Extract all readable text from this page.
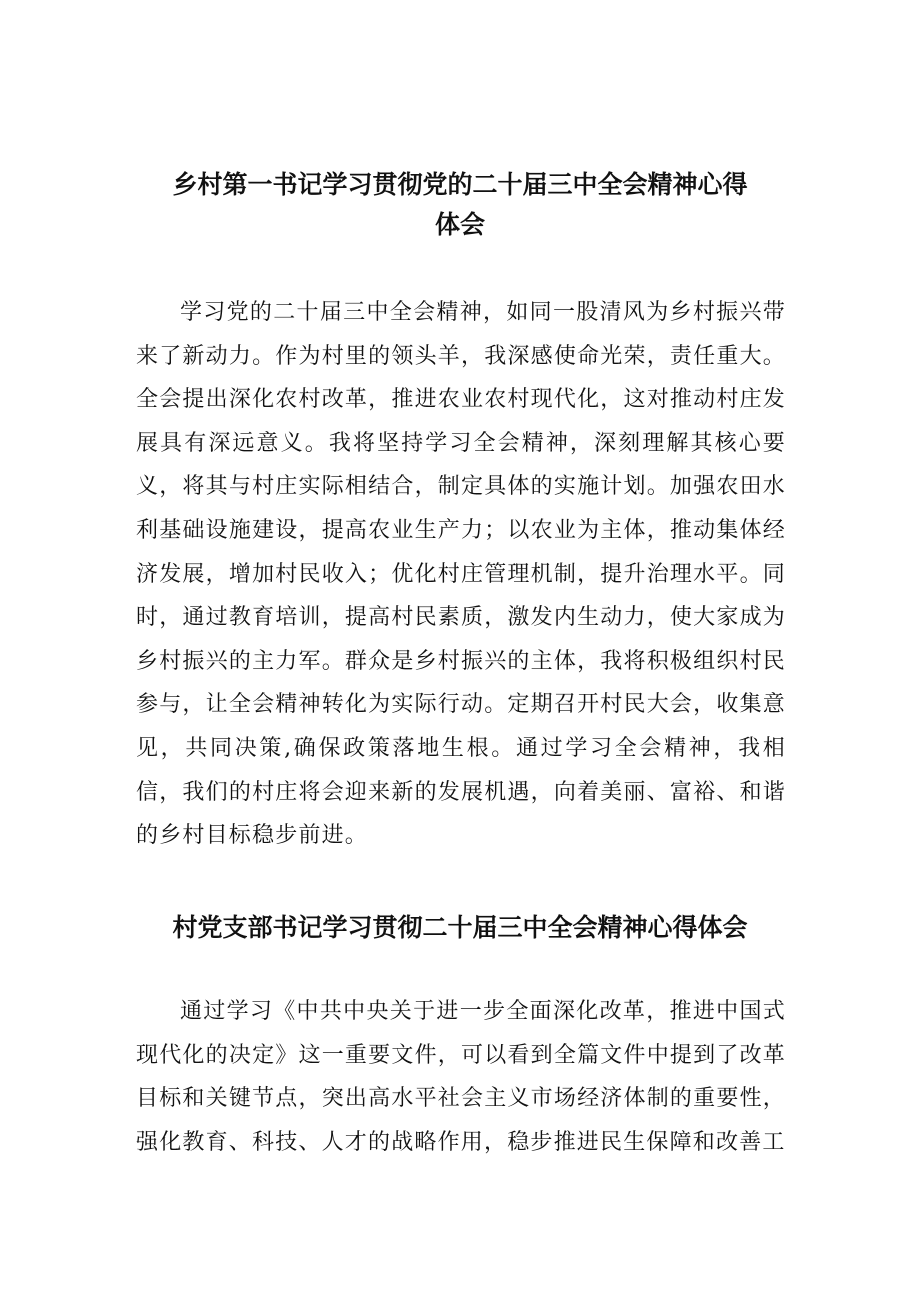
乡村第一书记学习贯彻党的二十届三中全会精神心得
体会

学习党的二十届三中全会精神，如同一股清风为乡村振兴带来了新动力。作为村里的领头羊，我深感使命光荣，责任重大。全会提出深化农村改革，推进农业农村现代化，这对推动村庄发展具有深远意义。我将坚持学习全会精神，深刻理解其核心要义，将其与村庄实际相结合，制定具体的实施计划。加强农田水利基础设施建设，提高农业生产力；以农业为主体，推动集体经济发展，增加村民收入；优化村庄管理机制，提升治理水平。同时，通过教育培训，提高村民素质，激发内生动力，使大家成为乡村振兴的主力军。群众是乡村振兴的主体，我将积极组织村民参与，让全会精神转化为实际行动。定期召开村民大会，收集意见，共同决策,确保政策落地生根。通过学习全会精神，我相信，我们的村庄将会迎来新的发展机遇，向着美丽、富裕、和谐的乡村目标稳步前进。

村党支部书记学习贯彻二十届三中全会精神心得体会

通过学习《中共中央关于进一步全面深化改革，推进中国式现代化的决定》这一重要文件，可以看到全篇文件中提到了改革目标和关键节点，突出高水平社会主义市场经济体制的重要性，强化教育、科技、人才的战略作用，稳步推进民生保障和改善工
